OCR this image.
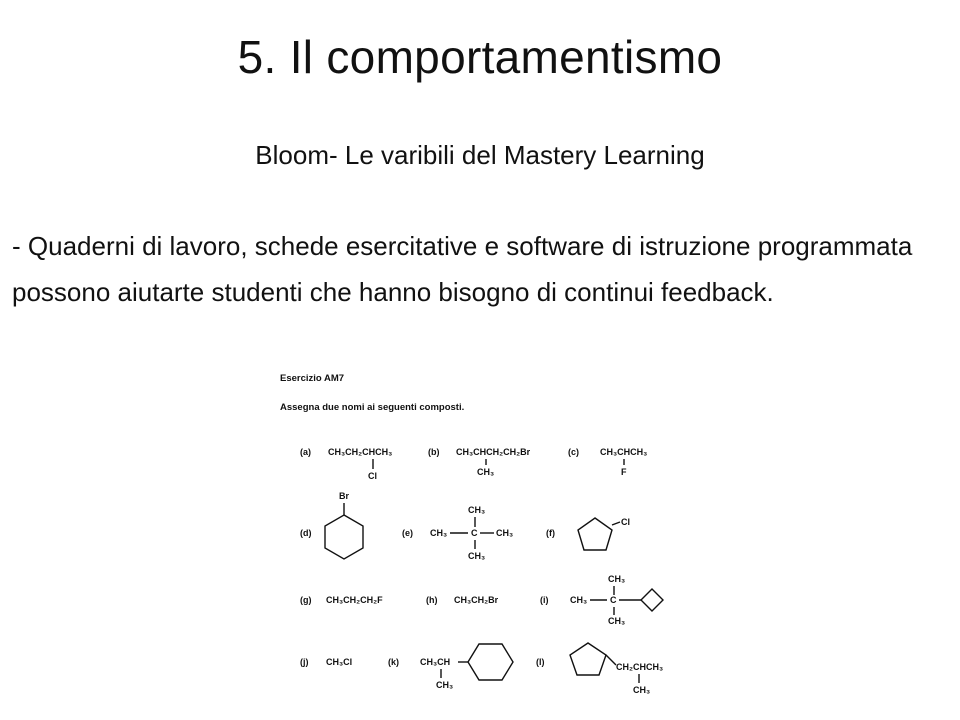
5. Il comportamentismo
Bloom- Le varibili del Mastery Learning
- Quaderni di lavoro, schede esercitative e software di istruzione programmata possono aiutarte studenti che hanno bisogno di continui feedback.
Esercizio AM7
Assegna due nomi ai seguenti composti.
(a) CH₃CH₂CHCH₃
Cl
(b) CH₃CHCH₂CH₂Br
CH₃
(c) CH₃CHCH₃
F
(d)
Br
(e)
CH₃
CH₃	C CH₃
CH₃
(f)
Cl
(g) CH₃CH₂CH₂F	(h) CH₃CH₂Br	(i)
CH₃
CH₃	C
CH₃
(j) CH₃Cl	(k) CH₃CH
CH₃
(l)	CH₂CHCH₃
CH₃
